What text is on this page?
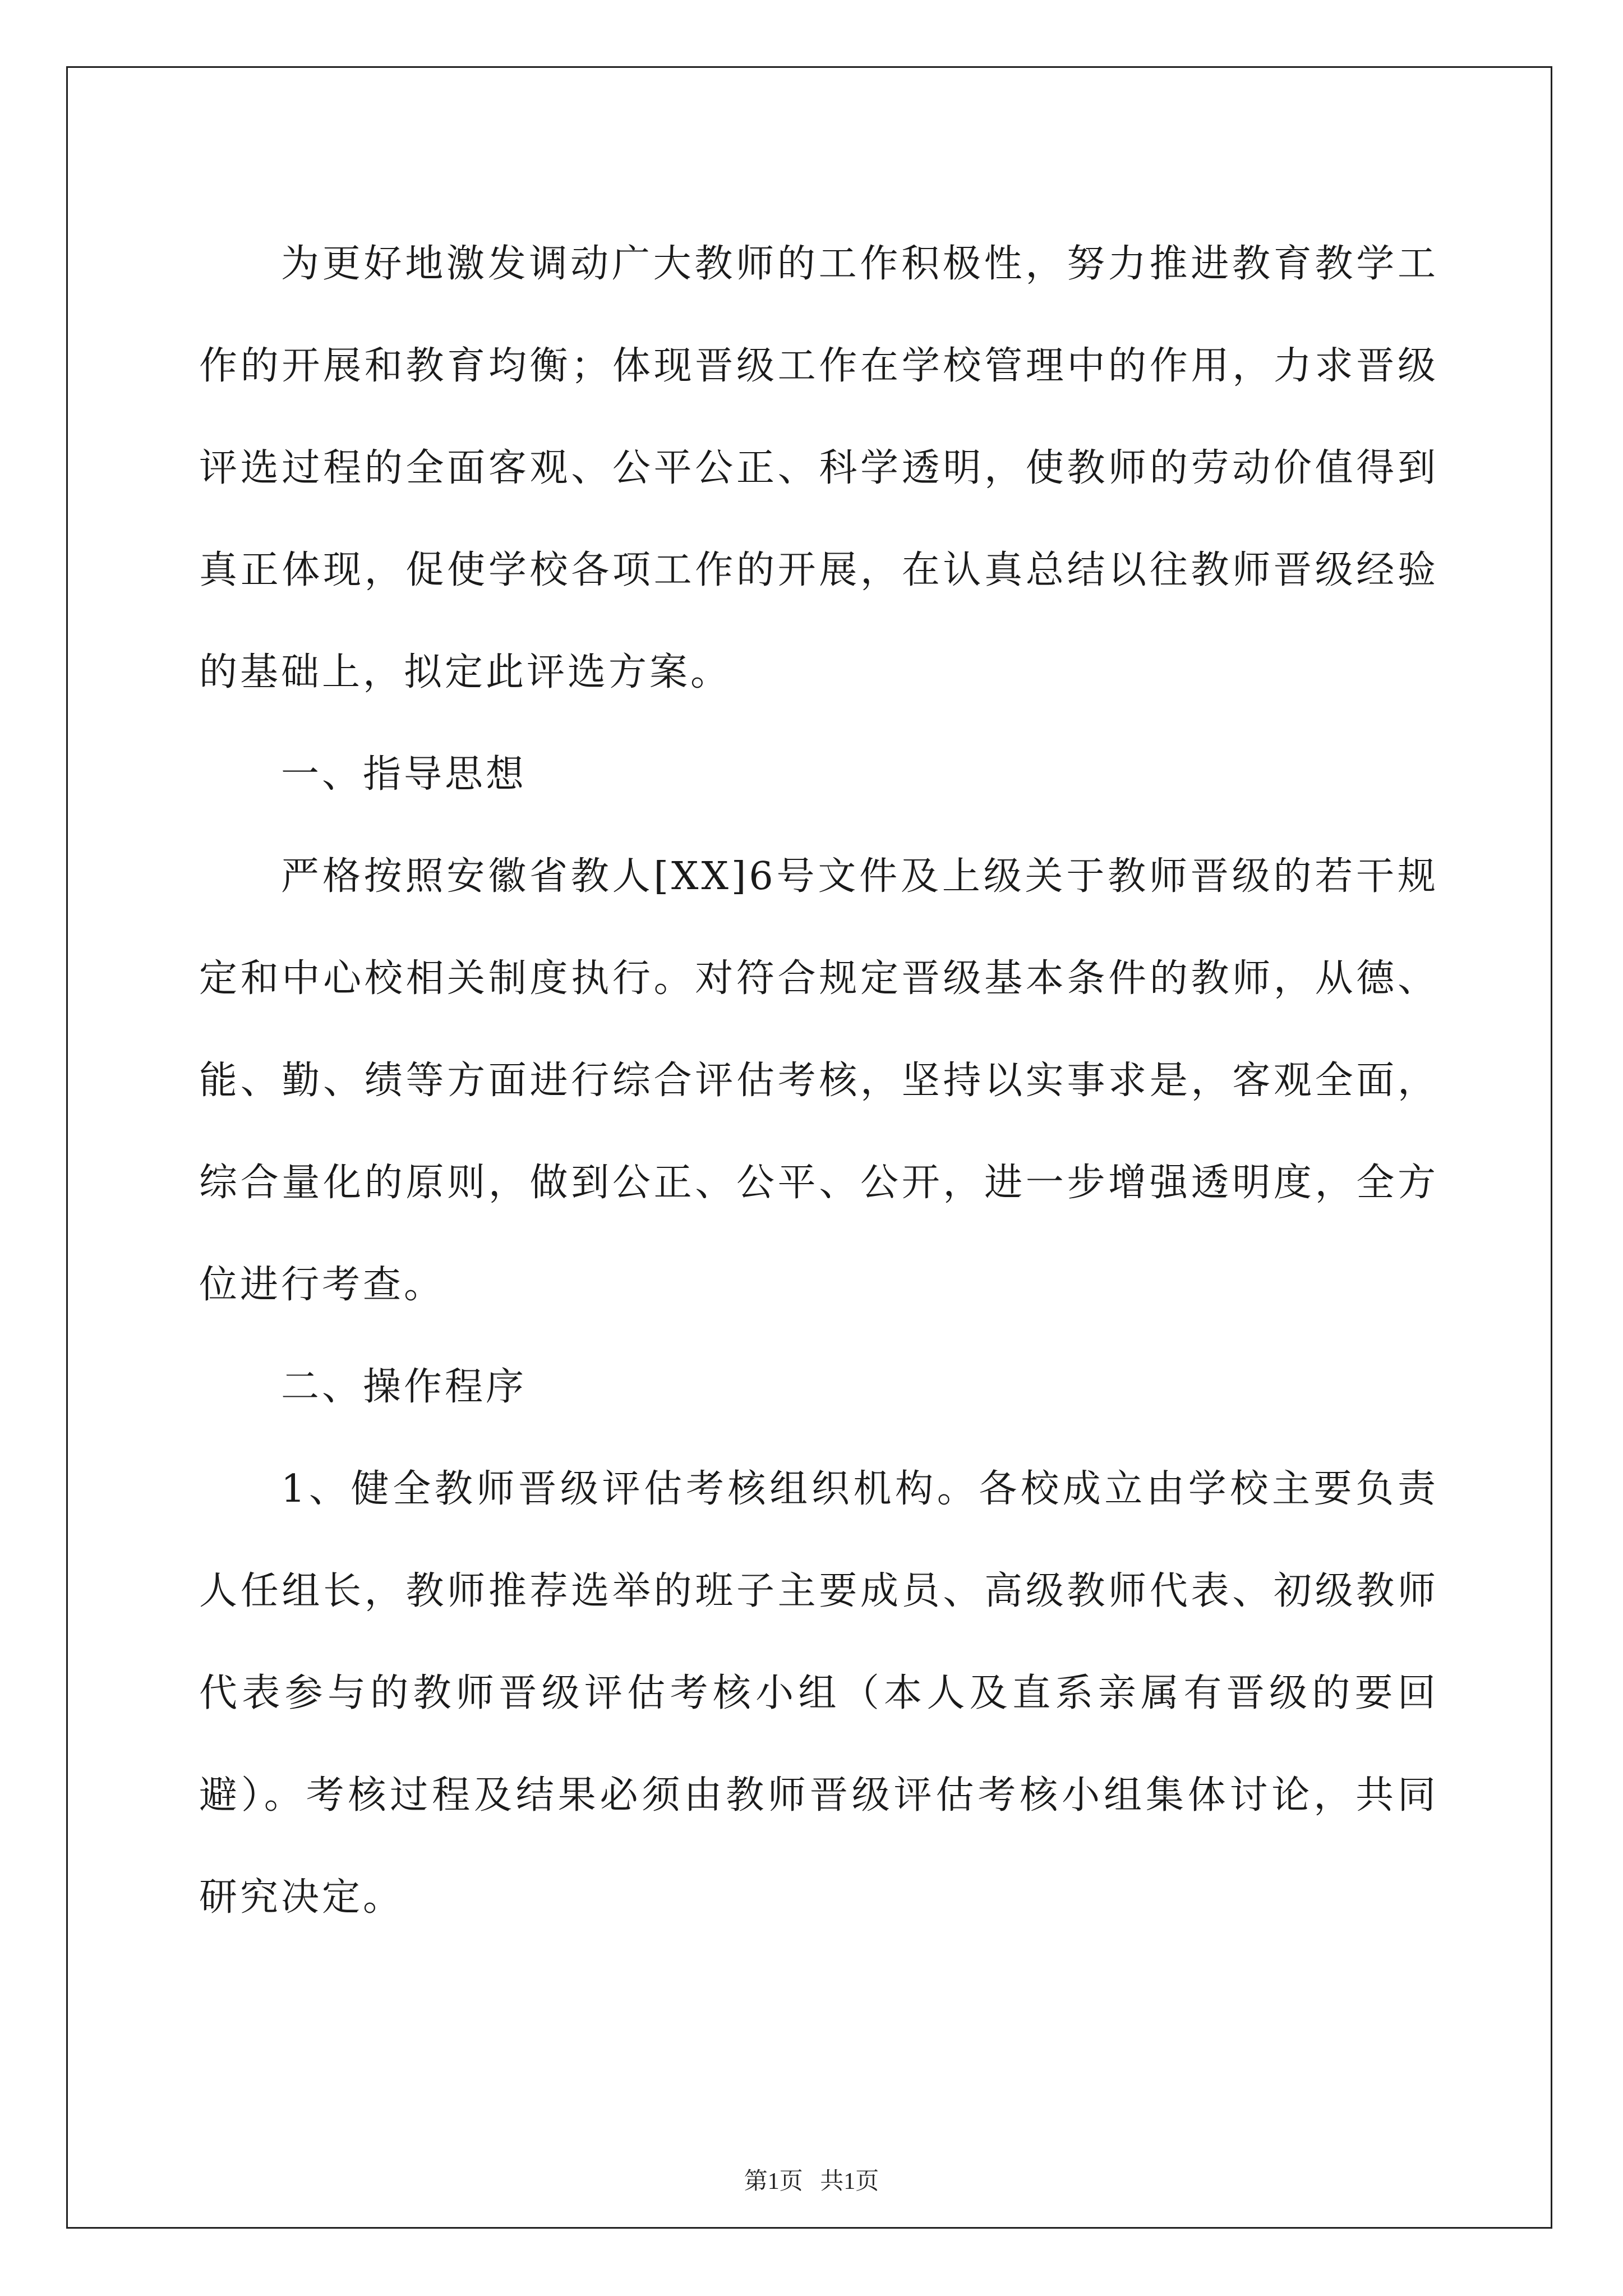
为更好地激发调动广大教师的工作积极性，努力推进教育教学工作的开展和教育均衡；体现晋级工作在学校管理中的作用，力求晋级评选过程的全面客观、公平公正、科学透明，使教师的劳动价值得到真正体现，促使学校各项工作的开展，在认真总结以往教师晋级经验的基础上，拟定此评选方案。

一、指导思想

严格按照安徽省教人[XX]6号文件及上级关于教师晋级的若干规定和中心校相关制度执行。对符合规定晋级基本条件的教师，从德、能、勤、绩等方面进行综合评估考核，坚持以实事求是，客观全面，综合量化的原则，做到公正、公平、公开，进一步增强透明度，全方位进行考查。

二、操作程序

1、健全教师晋级评估考核组织机构。各校成立由学校主要负责人任组长，教师推荐选举的班子主要成员、高级教师代表、初级教师代表参与的教师晋级评估考核小组（本人及直系亲属有晋级的要回避）。考核过程及结果必须由教师晋级评估考核小组集体讨论，共同研究决定。

第1页 共1页
